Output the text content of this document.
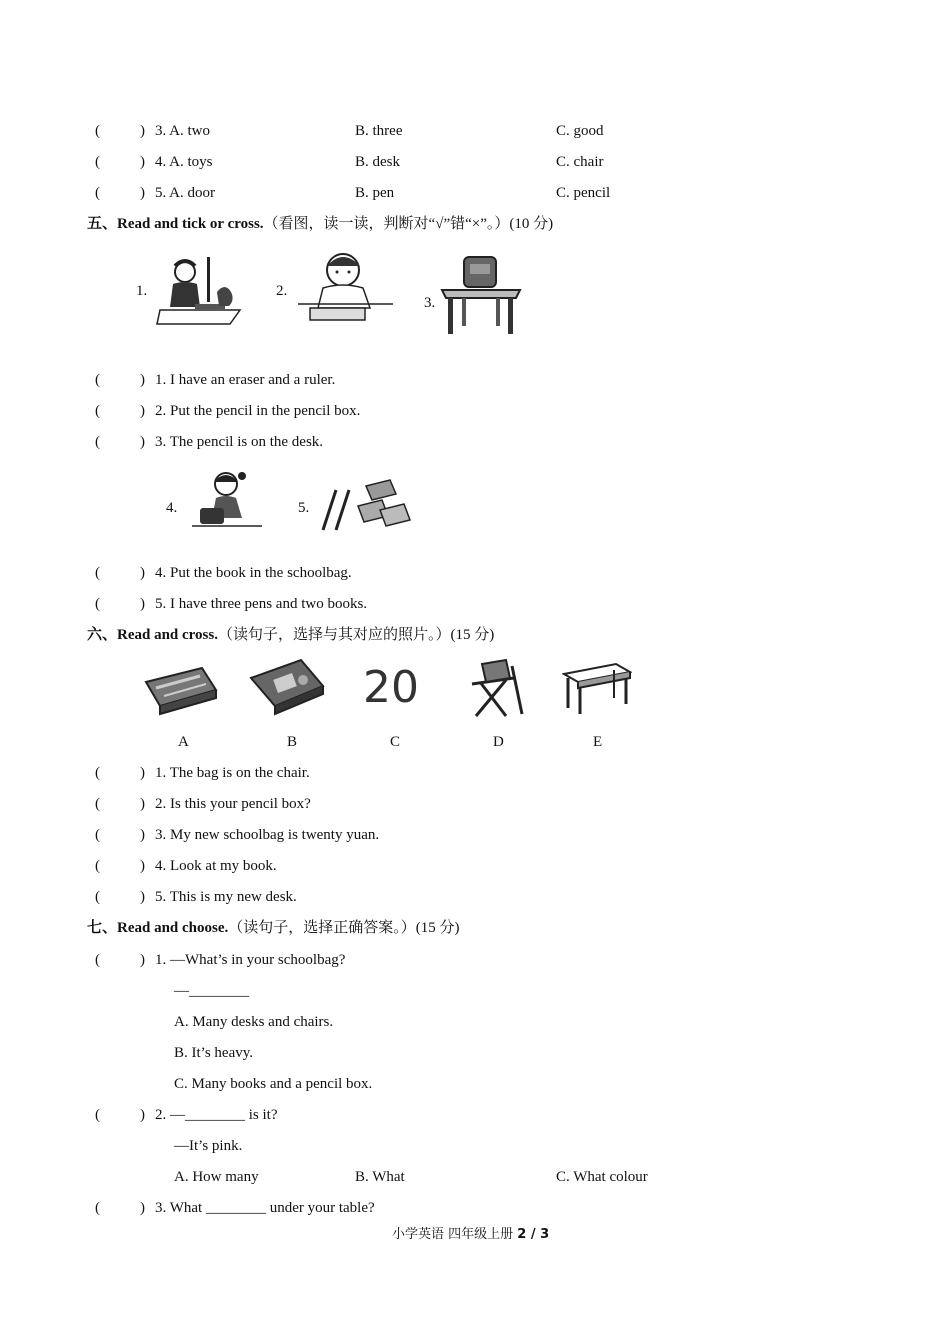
(	) 3. A. two	B. three	C. good
(	) 4. A. toys	B. desk	C. chair
(	) 5. A. door	B. pen	C. pencil
五、Read and tick or cross.（看图，读一读，判断对“√”错“×”。）(10 分)
1.	2.
3.
(	) 1. I have an eraser and a ruler.
(	) 2. Put the pencil in the pencil box.
(	) 3. The pencil is on the desk.
4.	5.
(	) 4. Put the book in the schoolbag.
(	) 5. I have three pens and two books.
六、Read and cross.（读句子，选择与其对应的照片。）(15 分)
20
A	B	C	D	E
(	) 1. The bag is on the chair.
(	) 2. Is this your pencil box?
(	) 3. My new schoolbag is twenty yuan.
(	) 4. Look at my book.
(	) 5. This is my new desk.
七、Read and choose.（读句子，选择正确答案。）(15 分)
(	) 1. —What’s in your schoolbag?
—________
A. Many desks and chairs.
B. It’s heavy.
C. Many books and a pencil box.
(	) 2. —________ is it?
—It’s pink.
A. How many	B. What	C. What colour
(	) 3. What ________ under your table?
小学英语 四年级上册 2 / 3
